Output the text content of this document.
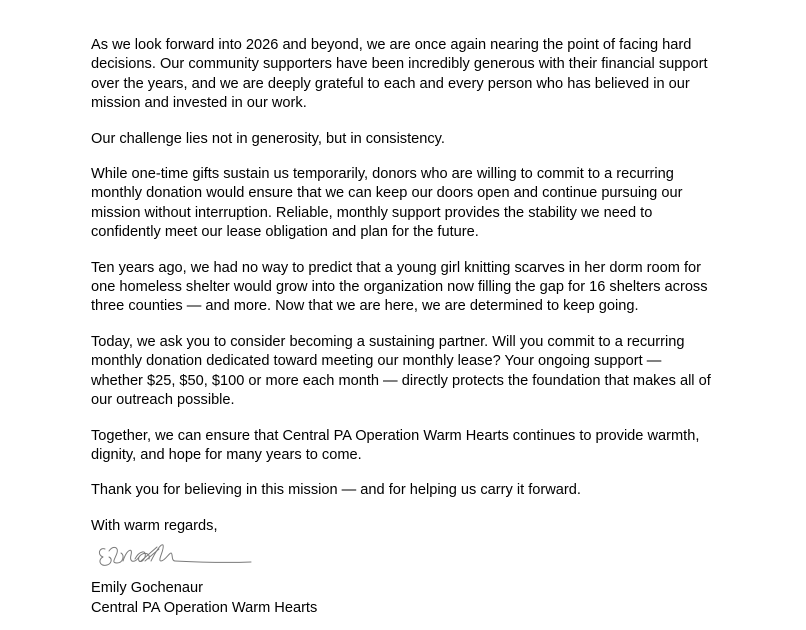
As we look forward into 2026 and beyond, we are once again nearing the point of facing hard
decisions. Our community supporters have been incredibly generous with their financial support
over the years, and we are deeply grateful to each and every person who has believed in our
mission and invested in our work.

Our challenge lies not in generosity, but in consistency.

While one-time gifts sustain us temporarily, donors who are willing to commit to a recurring
monthly donation would ensure that we can keep our doors open and continue pursuing our
mission without interruption. Reliable, monthly support provides the stability we need to
confidently meet our lease obligation and plan for the future.

Ten years ago, we had no way to predict that a young girl knitting scarves in her dorm room for
one homeless shelter would grow into the organization now filling the gap for 16 shelters across
three counties — and more. Now that we are here, we are determined to keep going.

Today, we ask you to consider becoming a sustaining partner. Will you commit to a recurring
monthly donation dedicated toward meeting our monthly lease? Your ongoing support —
whether $25, $50, $100 or more each month — directly protects the foundation that makes all of
our outreach possible.

Together, we can ensure that Central PA Operation Warm Hearts continues to provide warmth,
dignity, and hope for many years to come.

Thank you for believing in this mission — and for helping us carry it forward.

With warm regards,

Emily Gochenaur
Central PA Operation Warm Hearts
